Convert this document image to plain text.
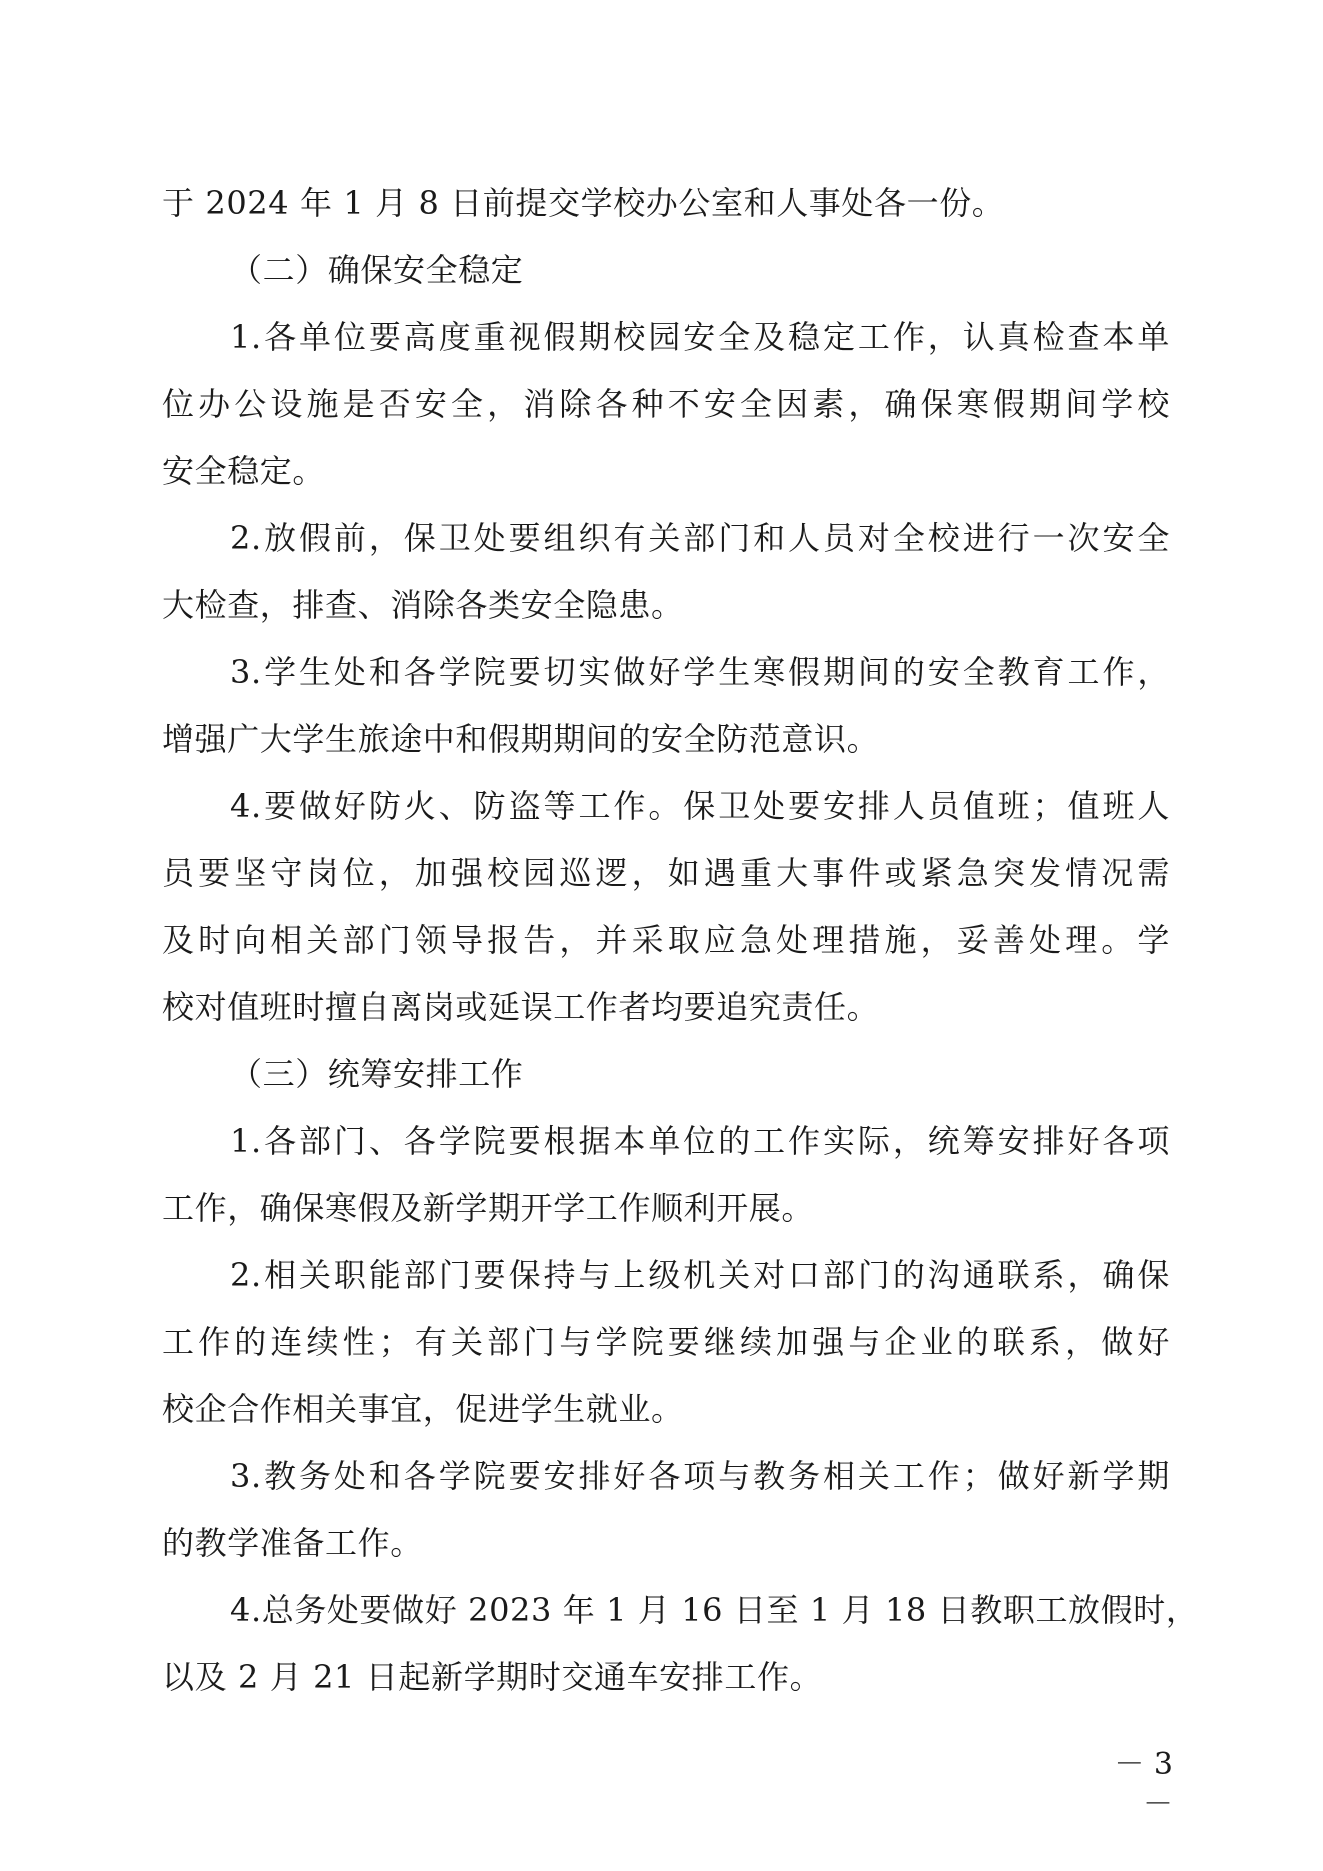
于 2024 年 1 月 8 日前提交学校办公室和人事处各一份。
（二）确保安全稳定
1.各单位要高度重视假期校园安全及稳定工作，认真检查本单
位办公设施是否安全，消除各种不安全因素，确保寒假期间学校
安全稳定。
2.放假前，保卫处要组织有关部门和人员对全校进行一次安全
大检查，排查、消除各类安全隐患。
3.学生处和各学院要切实做好学生寒假期间的安全教育工作，
增强广大学生旅途中和假期期间的安全防范意识。
4.要做好防火、防盗等工作。保卫处要安排人员值班；值班人
员要坚守岗位，加强校园巡逻，如遇重大事件或紧急突发情况需
及时向相关部门领导报告，并采取应急处理措施，妥善处理。学
校对值班时擅自离岗或延误工作者均要追究责任。
（三）统筹安排工作
1.各部门、各学院要根据本单位的工作实际，统筹安排好各项
工作，确保寒假及新学期开学工作顺利开展。
2.相关职能部门要保持与上级机关对口部门的沟通联系，确保
工作的连续性；有关部门与学院要继续加强与企业的联系，做好
校企合作相关事宜，促进学生就业。
3.教务处和各学院要安排好各项与教务相关工作；做好新学期
的教学准备工作。
4.总务处要做好 2023 年 1 月 16 日至 1 月 18 日教职工放假时，
以及 2 月 21 日起新学期时交通车安排工作。
－ 3 －
